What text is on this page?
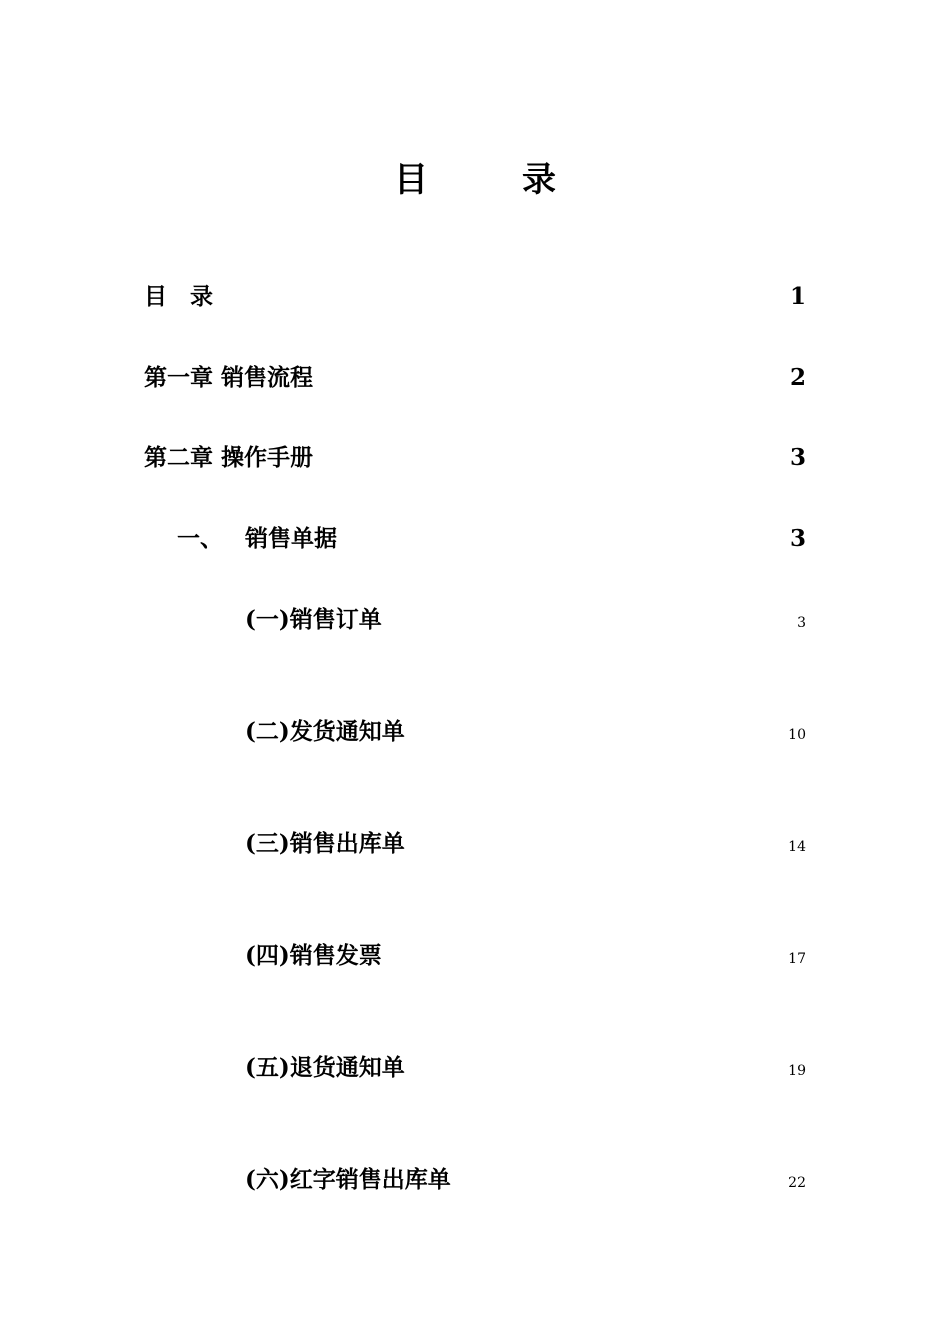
目　录
目　录	1
第一章 销售流程	2
第二章 操作手册	3
一、 销售单据	3
(一)销售订单	3
(二)发货通知单	10
(三)销售出库单	14
(四)销售发票	17
(五)退货通知单	19
(六)红字销售出库单	22
